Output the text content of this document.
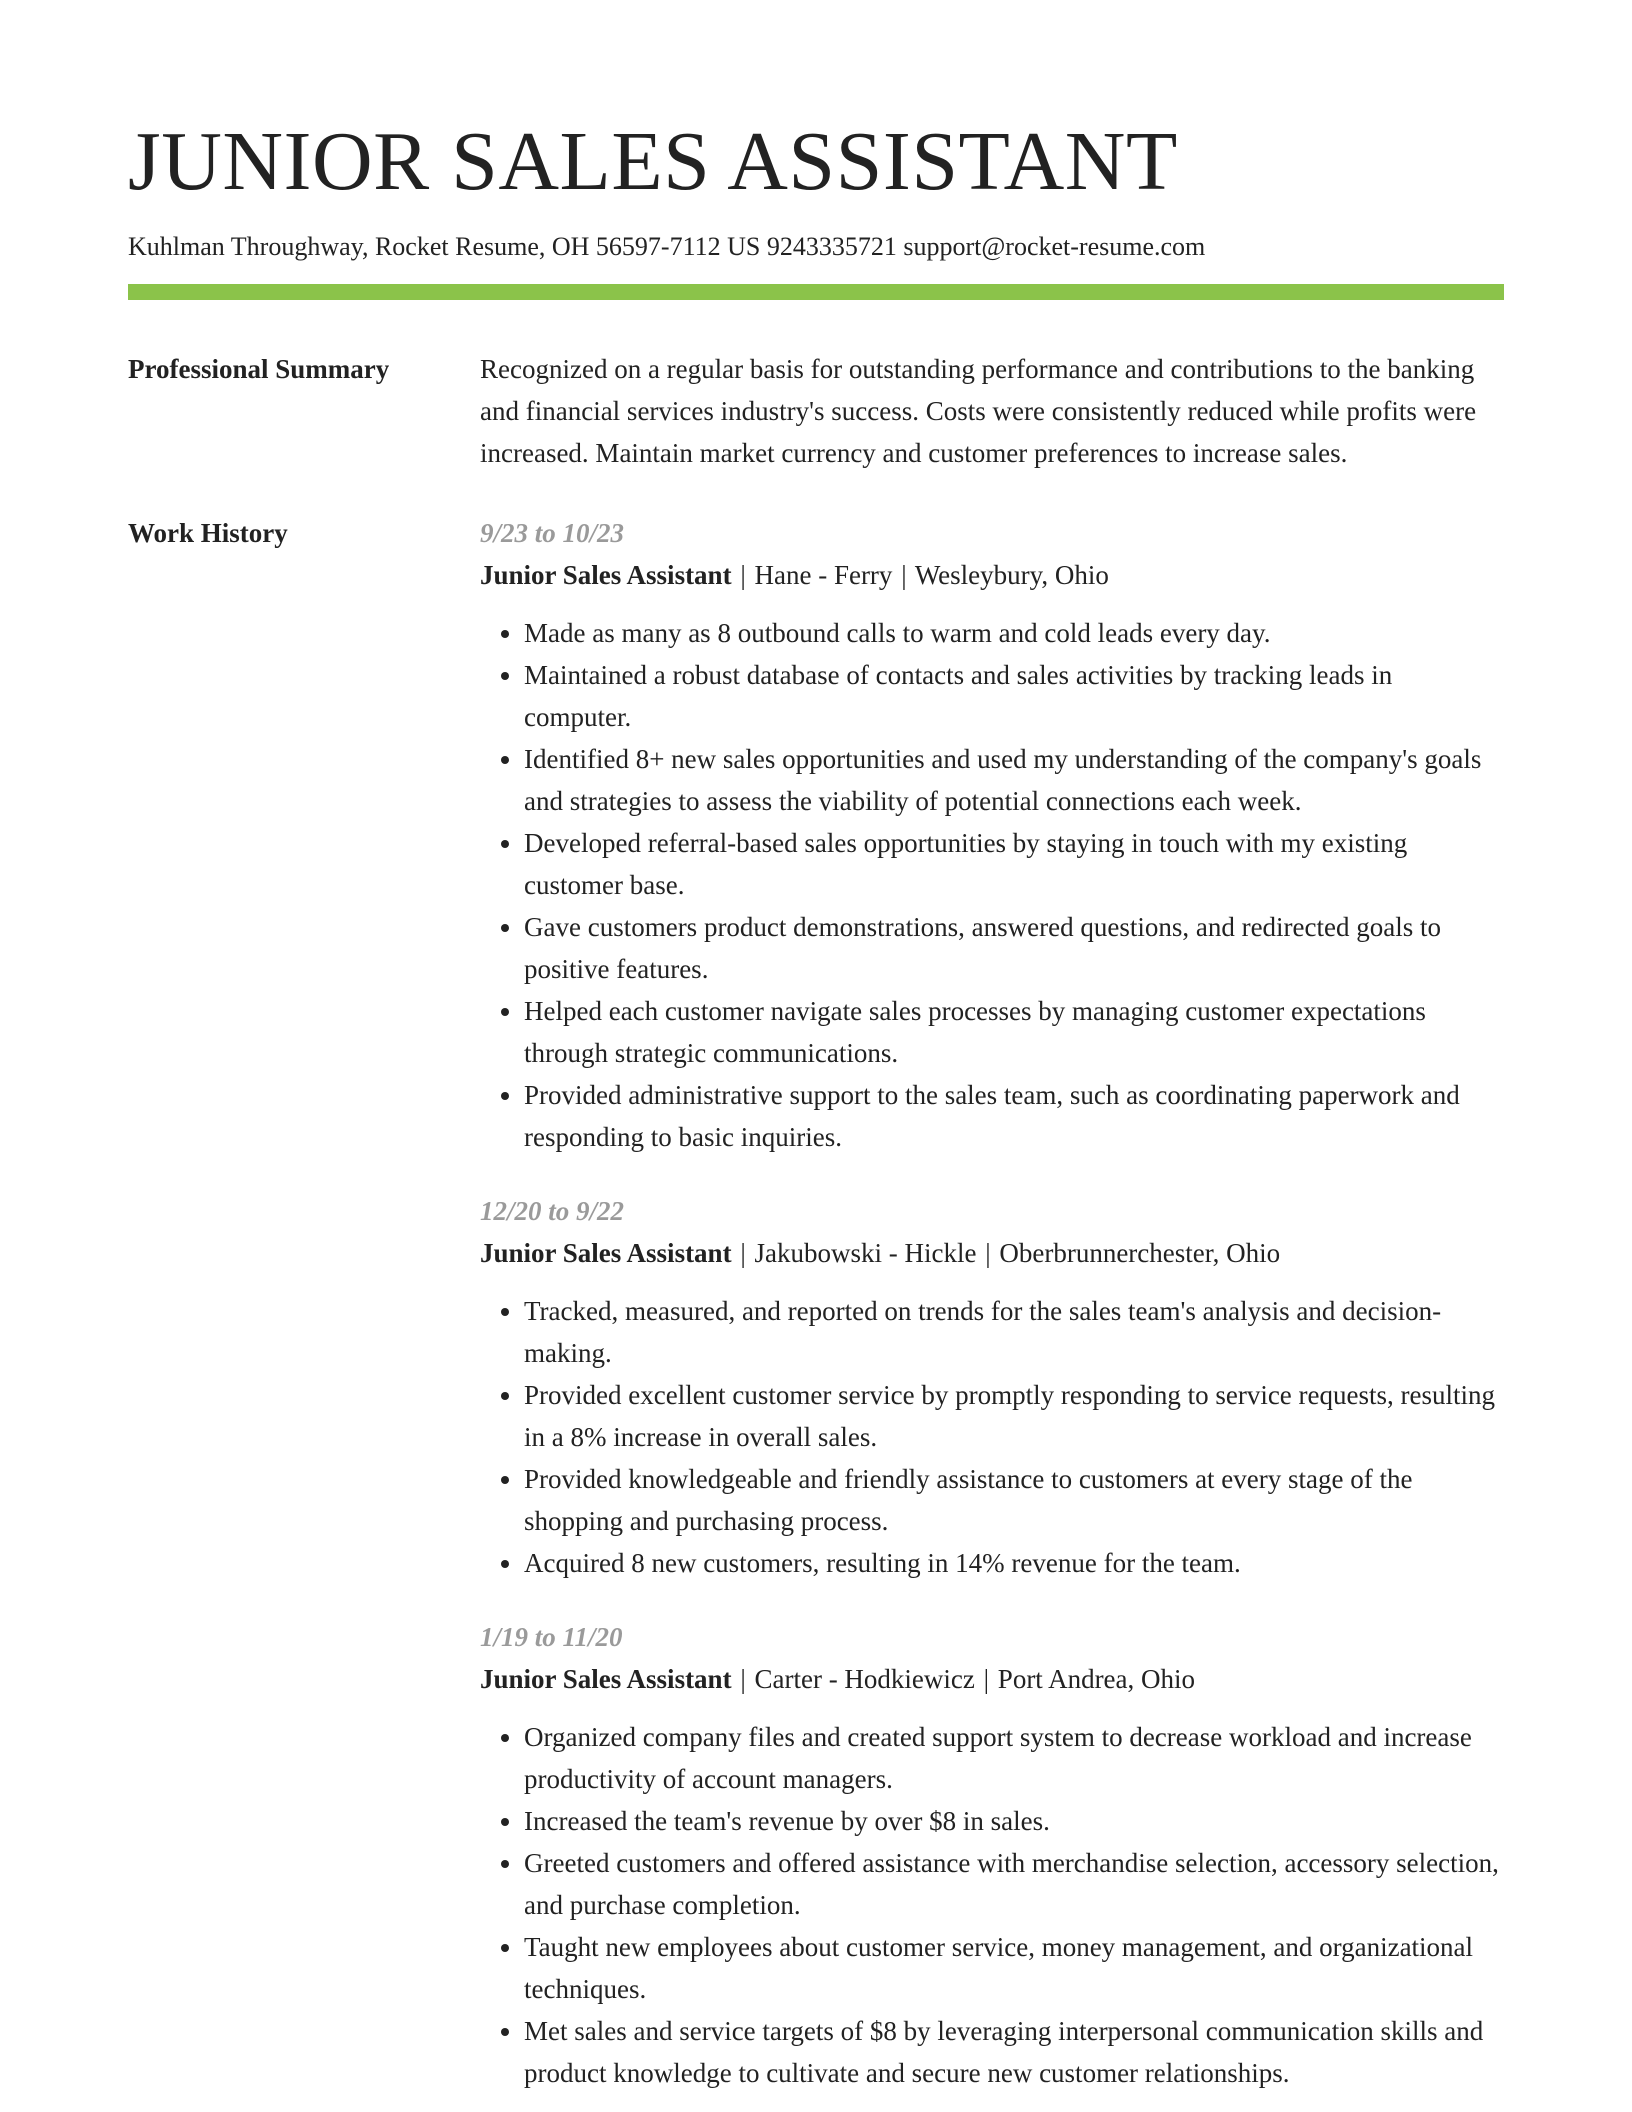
JUNIOR SALES ASSISTANT
Kuhlman Throughway, Rocket Resume, OH 56597-7112 US 9243335721 support@rocket-resume.com
Professional Summary	Recognized on a regular basis for outstanding performance and contributions to the banking and financial services industry's success. Costs were consistently reduced while profits were increased. Maintain market currency and customer preferences to increase sales.

Work History	9/23 to 10/23
Junior Sales Assistant | Hane - Ferry | Wesleybury, Ohio
• Made as many as 8 outbound calls to warm and cold leads every day.
• Maintained a robust database of contacts and sales activities by tracking leads in computer.
• Identified 8+ new sales opportunities and used my understanding of the company's goals and strategies to assess the viability of potential connections each week.
• Developed referral-based sales opportunities by staying in touch with my existing customer base.
• Gave customers product demonstrations, answered questions, and redirected goals to positive features.
• Helped each customer navigate sales processes by managing customer expectations through strategic communications.
• Provided administrative support to the sales team, such as coordinating paperwork and responding to basic inquiries.
12/20 to 9/22
Junior Sales Assistant | Jakubowski - Hickle | Oberbrunnerchester, Ohio
• Tracked, measured, and reported on trends for the sales team's analysis and decision-making.
• Provided excellent customer service by promptly responding to service requests, resulting in a 8% increase in overall sales.
• Provided knowledgeable and friendly assistance to customers at every stage of the shopping and purchasing process.
• Acquired 8 new customers, resulting in 14% revenue for the team.
1/19 to 11/20
Junior Sales Assistant | Carter - Hodkiewicz | Port Andrea, Ohio
• Organized company files and created support system to decrease workload and increase productivity of account managers.
• Increased the team's revenue by over $8 in sales.
• Greeted customers and offered assistance with merchandise selection, accessory selection, and purchase completion.
• Taught new employees about customer service, money management, and organizational techniques.
• Met sales and service targets of $8 by leveraging interpersonal communication skills and product knowledge to cultivate and secure new customer relationships.
